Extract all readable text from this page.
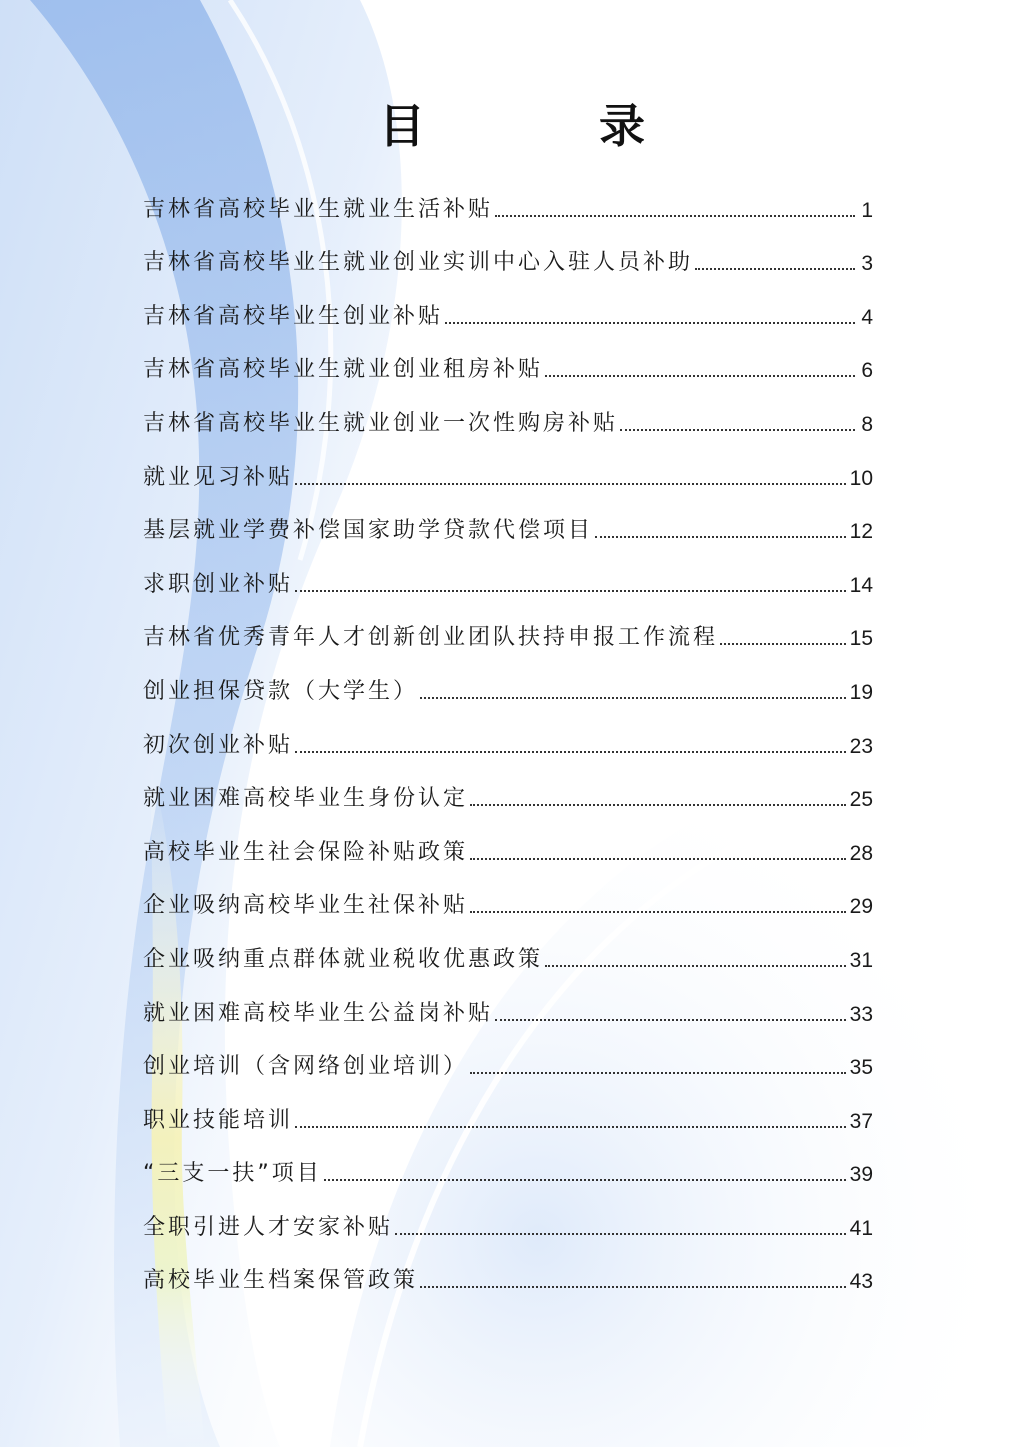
目　录
吉林省高校毕业生就业生活补贴	1
吉林省高校毕业生就业创业实训中心入驻人员补助	3
吉林省高校毕业生创业补贴	4
吉林省高校毕业生就业创业租房补贴	6
吉林省高校毕业生就业创业一次性购房补贴	8
就业见习补贴	10
基层就业学费补偿国家助学贷款代偿项目	12
求职创业补贴	14
吉林省优秀青年人才创新创业团队扶持申报工作流程	15
创业担保贷款（大学生）	19
初次创业补贴	23
就业困难高校毕业生身份认定	25
高校毕业生社会保险补贴政策	28
企业吸纳高校毕业生社保补贴	29
企业吸纳重点群体就业税收优惠政策	31
就业困难高校毕业生公益岗补贴	33
创业培训（含网络创业培训）	35
职业技能培训	37
“三支一扶”项目	39
全职引进人才安家补贴	41
高校毕业生档案保管政策	43
